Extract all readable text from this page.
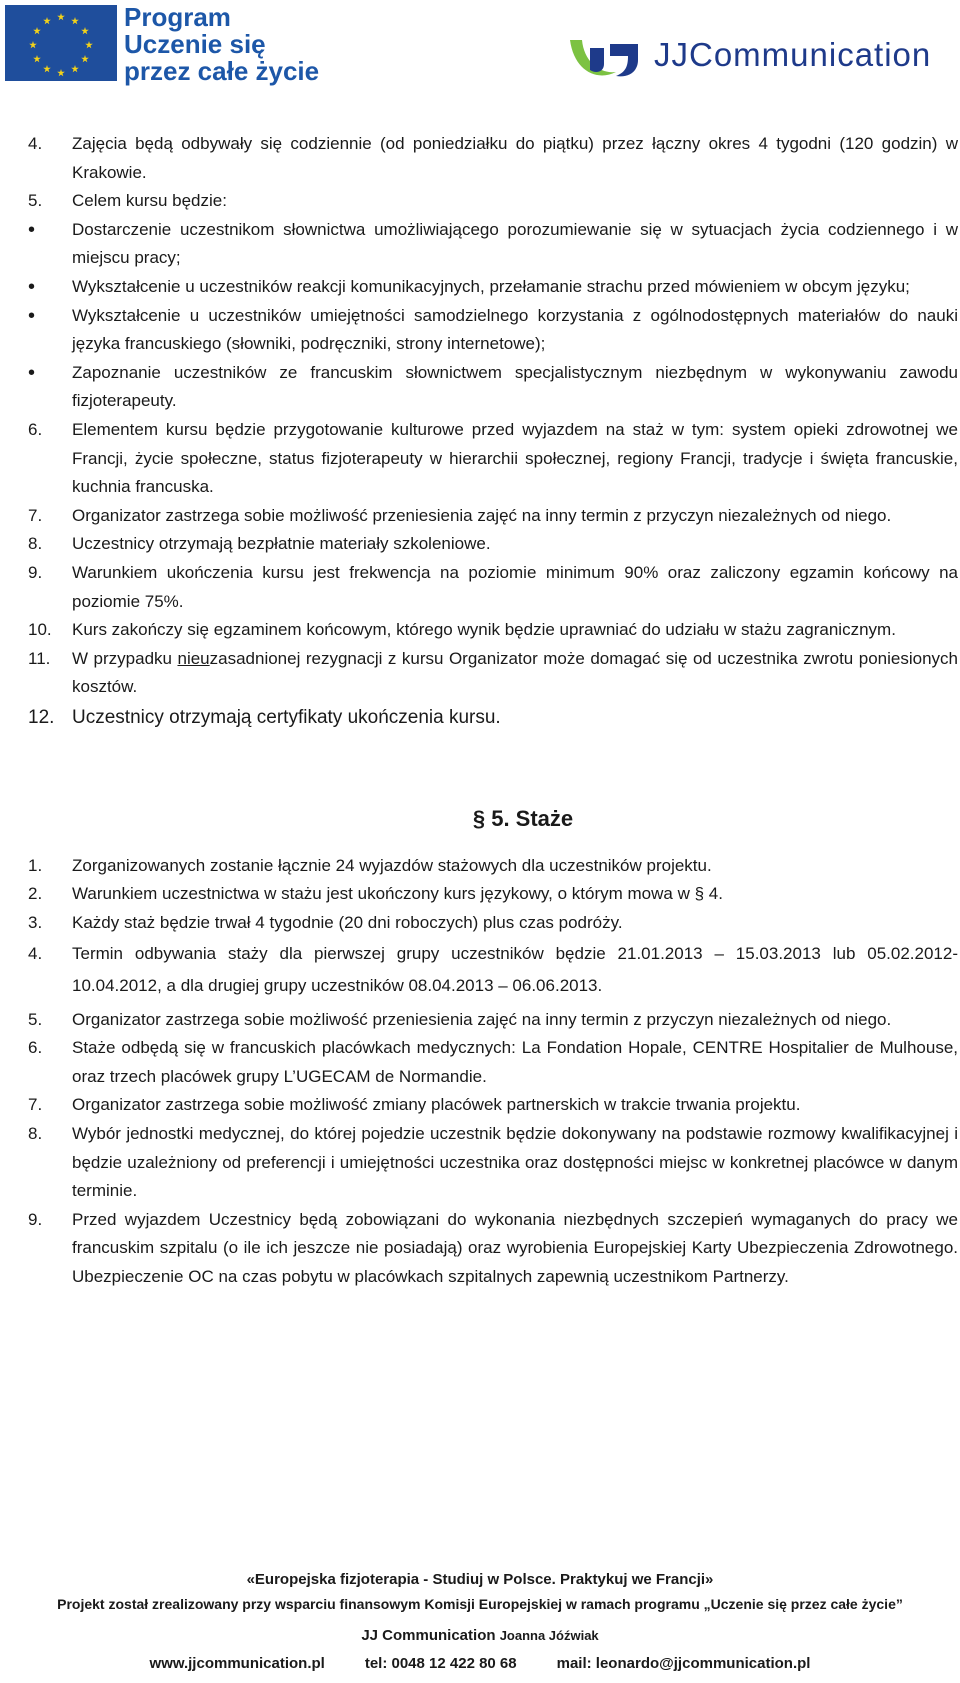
Program
Uczenie się
przez całe życie	JJCommunication
4.	Zajęcia będą odbywały się codziennie (od poniedziałku do piątku) przez łączny okres 4 tygodni (120 godzin) w Krakowie.
5.	Celem kursu będzie:
•	Dostarczenie uczestnikom słownictwa umożliwiającego porozumiewanie się w sytuacjach życia codziennego i w miejscu pracy;
•	Wykształcenie u uczestników reakcji komunikacyjnych, przełamanie strachu przed mówieniem w obcym języku;
•	Wykształcenie u uczestników umiejętności samodzielnego korzystania z ogólnodostępnych materiałów do nauki języka francuskiego (słowniki, podręczniki, strony internetowe);
•	Zapoznanie uczestników ze francuskim słownictwem specjalistycznym niezbędnym w wykonywaniu zawodu fizjoterapeuty.
6.	Elementem kursu będzie przygotowanie kulturowe przed wyjazdem na staż w tym: system opieki zdrowotnej we Francji, życie społeczne, status fizjoterapeuty w hierarchii społecznej, regiony Francji, tradycje i święta francuskie, kuchnia francuska.
7.	Organizator zastrzega sobie możliwość przeniesienia zajęć na inny termin z przyczyn niezależnych od niego.
8.	Uczestnicy otrzymają bezpłatnie materiały szkoleniowe.
9.	Warunkiem ukończenia kursu jest frekwencja na poziomie minimum 90% oraz zaliczony egzamin końcowy na poziomie 75%.
10.	Kurs zakończy się egzaminem końcowym, którego wynik będzie uprawniać do udziału w stażu zagranicznym.
11.	W przypadku nieuzasadnionej rezygnacji z kursu Organizator może domagać się od uczestnika zwrotu poniesionych kosztów.
12. Uczestnicy otrzymają certyfikaty ukończenia kursu.
§ 5. Staże
1.	Zorganizowanych zostanie łącznie 24 wyjazdów stażowych dla uczestników projektu.
2.	Warunkiem uczestnictwa w stażu jest ukończony kurs językowy, o którym mowa w § 4.
3.	Każdy staż będzie trwał 4 tygodnie (20 dni roboczych) plus czas podróży.
4.	Termin odbywania staży dla pierwszej grupy uczestników będzie 21.01.2013 – 15.03.2013 lub 05.02.2012-10.04.2012, a dla drugiej grupy uczestników 08.04.2013 – 06.06.2013.
5.	Organizator zastrzega sobie możliwość przeniesienia zajęć na inny termin z przyczyn niezależnych od niego.
6.	Staże odbędą się w francuskich placówkach medycznych: La Fondation Hopale, CENTRE Hospitalier de Mulhouse, oraz trzech placówek grupy L’UGECAM de Normandie.
7.	Organizator zastrzega sobie możliwość zmiany placówek partnerskich w trakcie trwania projektu.
8.	Wybór jednostki medycznej, do której pojedzie uczestnik będzie dokonywany na podstawie rozmowy kwalifikacyjnej i będzie uzależniony od preferencji i umiejętności uczestnika oraz dostępności miejsc w konkretnej placówce w danym terminie.
9.	Przed wyjazdem Uczestnicy będą zobowiązani do wykonania niezbędnych szczepień wymaganych do pracy we francuskim szpitalu (o ile ich jeszcze nie posiadają) oraz wyrobienia Europejskiej Karty Ubezpieczenia Zdrowotnego. Ubezpieczenie OC na czas pobytu w placówkach szpitalnych zapewnią uczestnikom Partnerzy.
«Europejska fizjoterapia - Studiuj w Polsce. Praktykuj we Francji»
Projekt został zrealizowany przy wsparciu finansowym Komisji Europejskiej w ramach programu „Uczenie się przez całe życie”
JJ Communication Joanna Jóźwiak
www.jjcommunication.pl	tel: 0048 12 422 80 68	mail: leonardo@jjcommunication.pl
